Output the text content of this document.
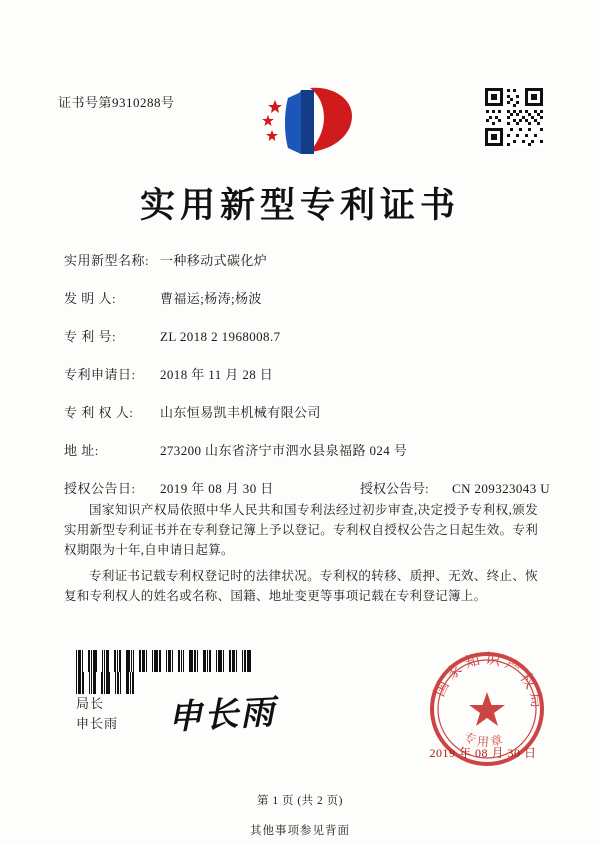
证书号第9310288号
实用新型专利证书
实用新型名称: 一种移动式碳化炉
发 明 人:	曹福运;杨涛;杨波
专 利 号:	ZL 2018 2 1968008.7
专利申请日:	2018 年 11 月 28 日
专 利 权 人:	山东恒易凯丰机械有限公司
地 址:	273200 山东省济宁市泗水县泉福路 024 号
授权公告日:	2019 年 08 月 30 日	授权公告号:	CN 209323043 U

国家知识产权局依照中华人民共和国专利法经过初步审查,决定授予专利权,颁发实用新型专利证书并在专利登记簿上予以登记。专利权自授权公告之日起生效。专利权期限为十年,自申请日起算。

专利证书记载专利权登记时的法律状况。专利权的转移、质押、无效、终止、恢复和专利权人的姓名或名称、国籍、地址变更等事项记载在专利登记簿上。

局长
申长雨 申长雨
国家知识产权局
专用章
2019 年 08 月 30 日
第 1 页 (共 2 页)
其他事项参见背面
